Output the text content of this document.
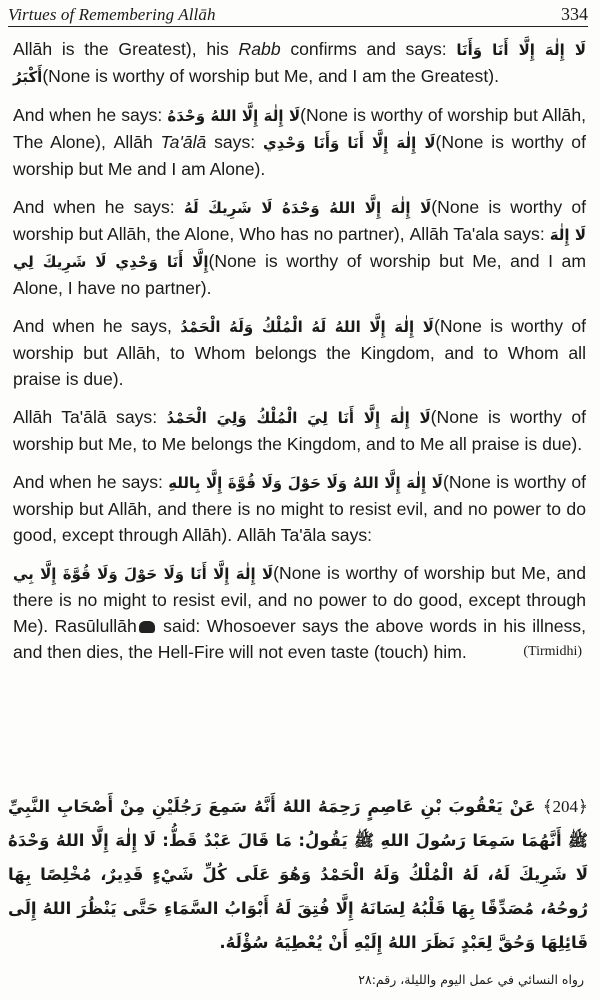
Virtues of Remembering Allāh	334

Allāh is the Greatest), his Rabb confirms and says: لَا إِلٰهَ إِلَّا أَنَا وَأَنَا أَكْبَرُ(None is worthy of worship but Me, and I am the Greatest).

And when he says: لَا إِلٰهَ إِلَّا اللهُ وَحْدَهُ(None is worthy of worship but Allāh, The Alone), Allāh Ta'ālā says: لَا إِلٰهَ إِلَّا أَنَا وَأَنَا وَحْدِي(None is worthy of worship but Me and I am Alone).

And when he says: لَا إِلٰهَ إِلَّا اللهُ وَحْدَهُ لَا شَرِيكَ لَهُ(None is worthy of worship but Allāh, the Alone, Who has no partner), Allāh Ta'ala says: لَا إِلٰهَ إِلَّا أَنَا وَحْدِي لَا شَرِيكَ لِي(None is worthy of worship but Me, and I am Alone, I have no partner).

And when he says, لَا إِلٰهَ إِلَّا اللهُ لَهُ الْمُلْكُ وَلَهُ الْحَمْدُ(None is worthy of worship but Allāh, to Whom belongs the Kingdom, and to Whom all praise is due).

Allāh Ta'ālā says: لَا إِلٰهَ إِلَّا أَنَا لِيَ الْمُلْكُ وَلِيَ الْحَمْدُ(None is worthy of worship but Me, to Me belongs the Kingdom, and to Me all praise is due).

And when he says: لَا إِلٰهَ إِلَّا اللهُ وَلَا حَوْلَ وَلَا قُوَّةَ إِلَّا بِاللهِ(None is worthy of worship but Allāh, and there is no might to resist evil, and no power to do good, except through Allāh). Allāh Ta'āla says:

لَا إِلٰهَ إِلَّا أَنَا وَلَا حَوْلَ وَلَا قُوَّةَ إِلَّا بِي(None is worthy of worship but Me, and there is no might to resist evil, and no power to do good, except through Me). Rasūlullāh said: Whosoever says the above words in his illness, and then dies, the Hell-Fire will not even taste (touch) him.	(Tirmidhi)

﴾204﴿ عَنْ يَعْقُوبَ بْنِ عَاصِمٍ رَحِمَهُ اللهُ أَنَّهُ سَمِعَ رَجُلَيْنِ مِنْ أَصْحَابِ النَّبِيِّ ﷺ أَنَّهُمَا سَمِعَا رَسُولَ اللهِ ﷺ يَقُولُ: مَا قَالَ عَبْدٌ قَطُّ: لَا إِلٰهَ إِلَّا اللهُ وَحْدَهُ لَا شَرِيكَ لَهُ، لَهُ الْمُلْكُ وَلَهُ الْحَمْدُ وَهُوَ عَلَى كُلِّ شَيْءٍ قَدِيرٌ، مُخْلِصًا بِهَا رُوحُهُ، مُصَدِّقًا بِهَا قَلْبُهُ لِسَانَهُ إِلَّا فُتِقَ لَهُ أَبْوَابُ السَّمَاءِ حَتَّى يَنْظُرَ اللهُ إِلَى قَائِلِهَا وَحُقَّ لِعَبْدٍ نَظَرَ اللهُ إِلَيْهِ أَنْ يُعْطِيَهُ سُؤْلَهُ.
رواه النسائي في عمل اليوم والليلة، رقم:٢٨
